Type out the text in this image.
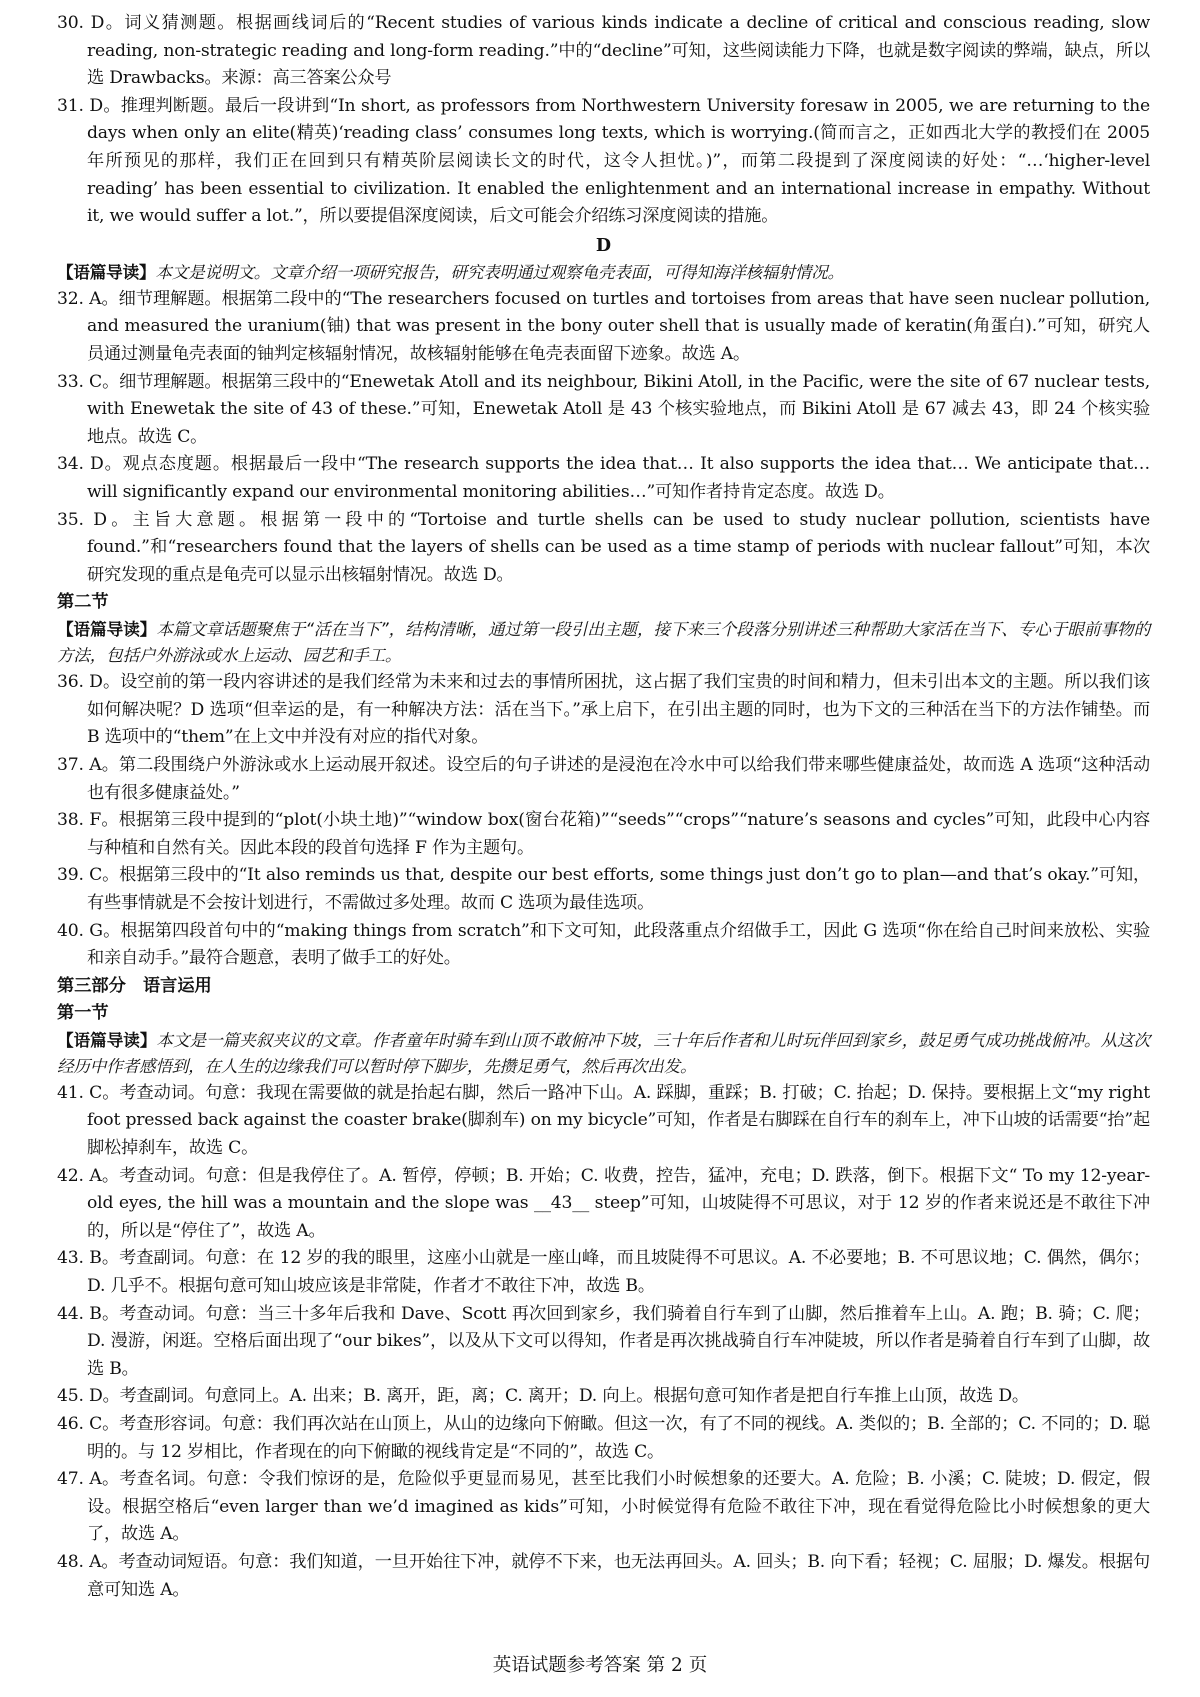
30. D。词义猜测题。根据画线词后的“Recent studies of various kinds indicate a decline of critical and conscious reading, slow reading, non-strategic reading and long-form reading.”中的“decline”可知，这些阅读能力下降，也就是数字阅读的弊端，缺点，所以选 Drawbacks。来源：高三答案公众号

31. D。推理判断题。最后一段讲到“In short, as professors from Northwestern University foresaw in 2005, we are returning to the days when only an elite(精英)‘reading class’ consumes long texts, which is worrying.(简而言之，正如西北大学的教授们在 2005 年所预见的那样，我们正在回到只有精英阶层阅读长文的时代，这令人担忧。)”，而第二段提到了深度阅读的好处：“…‘higher-level reading’ has been essential to civilization. It enabled the enlightenment and an international increase in empathy. Without it, we would suffer a lot.”，所以要提倡深度阅读，后文可能会介绍练习深度阅读的措施。

D

【语篇导读】本文是说明文。文章介绍一项研究报告，研究表明通过观察龟壳表面，可得知海洋核辐射情况。

32. A。细节理解题。根据第二段中的“The researchers focused on turtles and tortoises from areas that have seen nuclear pollution, and measured the uranium(铀) that was present in the bony outer shell that is usually made of keratin(角蛋白).”可知，研究人员通过测量龟壳表面的铀判定核辐射情况，故核辐射能够在龟壳表面留下迹象。故选 A。

33. C。细节理解题。根据第三段中的“Enewetak Atoll and its neighbour, Bikini Atoll, in the Pacific, were the site of 67 nuclear tests, with Enewetak the site of 43 of these.”可知，Enewetak Atoll 是 43 个核实验地点，而 Bikini Atoll 是 67 减去 43，即 24 个核实验地点。故选 C。

34. D。观点态度题。根据最后一段中“The research supports the idea that… It also supports the idea that… We anticipate that… will significantly expand our environmental monitoring abilities…”可知作者持肯定态度。故选 D。

35. D。主旨大意题。根据第一段中的“Tortoise and turtle shells can be used to study nuclear pollution, scientists have found.”和“researchers found that the layers of shells can be used as a time stamp of periods with nuclear fallout”可知，本次研究发现的重点是龟壳可以显示出核辐射情况。故选 D。

第二节

【语篇导读】本篇文章话题聚焦于“活在当下”，结构清晰，通过第一段引出主题，接下来三个段落分别讲述三种帮助大家活在当下、专心于眼前事物的方法，包括户外游泳或水上运动、园艺和手工。

36. D。设空前的第一段内容讲述的是我们经常为未来和过去的事情所困扰，这占据了我们宝贵的时间和精力，但未引出本文的主题。所以我们该如何解决呢？D 选项“但幸运的是，有一种解决方法：活在当下。”承上启下，在引出主题的同时，也为下文的三种活在当下的方法作铺垫。而 B 选项中的“them”在上文中并没有对应的指代对象。

37. A。第二段围绕户外游泳或水上运动展开叙述。设空后的句子讲述的是浸泡在冷水中可以给我们带来哪些健康益处，故而选 A 选项“这种活动也有很多健康益处。”

38. F。根据第三段中提到的“plot(小块土地)”“window box(窗台花箱)”“seeds”“crops”“nature’s seasons and cycles”可知，此段中心内容与种植和自然有关。因此本段的段首句选择 F 作为主题句。

39. C。根据第三段中的“It also reminds us that, despite our best efforts, some things just don’t go to plan—and that’s okay.”可知，有些事情就是不会按计划进行，不需做过多处理。故而 C 选项为最佳选项。

40. G。根据第四段首句中的“making things from scratch”和下文可知，此段落重点介绍做手工，因此 G 选项“你在给自己时间来放松、实验和亲自动手。”最符合题意，表明了做手工的好处。

第三部分　语言运用
第一节

【语篇导读】本文是一篇夹叙夹议的文章。作者童年时骑车到山顶不敢俯冲下坡，三十年后作者和儿时玩伴回到家乡，鼓足勇气成功挑战俯冲。从这次经历中作者感悟到，在人生的边缘我们可以暂时停下脚步，先攒足勇气，然后再次出发。

41. C。考查动词。句意：我现在需要做的就是抬起右脚，然后一路冲下山。A. 踩脚，重踩；B. 打破；C. 抬起；D. 保持。要根据上文“my right foot pressed back against the coaster brake(脚刹车) on my bicycle”可知，作者是右脚踩在自行车的刹车上，冲下山坡的话需要“抬”起脚松掉刹车，故选 C。

42. A。考查动词。句意：但是我停住了。A. 暂停，停顿；B. 开始；C. 收费，控告，猛冲，充电；D. 跌落，倒下。根据下文“ To my 12-year-old eyes, the hill was a mountain and the slope was __43__ steep”可知，山坡陡得不可思议，对于 12 岁的作者来说还是不敢往下冲的，所以是“停住了”，故选 A。

43. B。考查副词。句意：在 12 岁的我的眼里，这座小山就是一座山峰，而且坡陡得不可思议。A. 不必要地；B. 不可思议地；C. 偶然，偶尔；D. 几乎不。根据句意可知山坡应该是非常陡，作者才不敢往下冲，故选 B。

44. B。考查动词。句意：当三十多年后我和 Dave、Scott 再次回到家乡，我们骑着自行车到了山脚，然后推着车上山。A. 跑；B. 骑；C. 爬；D. 漫游，闲逛。空格后面出现了“our bikes”，以及从下文可以得知，作者是再次挑战骑自行车冲陡坡，所以作者是骑着自行车到了山脚，故选 B。

45. D。考查副词。句意同上。A. 出来；B. 离开，距，离；C. 离开；D. 向上。根据句意可知作者是把自行车推上山顶，故选 D。

46. C。考查形容词。句意：我们再次站在山顶上，从山的边缘向下俯瞰。但这一次，有了不同的视线。A. 类似的；B. 全部的；C. 不同的；D. 聪明的。与 12 岁相比，作者现在的向下俯瞰的视线肯定是“不同的”，故选 C。

47. A。考查名词。句意：令我们惊讶的是，危险似乎更显而易见，甚至比我们小时候想象的还要大。A. 危险；B. 小溪；C. 陡坡；D. 假定，假设。根据空格后“even larger than we’d imagined as kids”可知，小时候觉得有危险不敢往下冲，现在看觉得危险比小时候想象的更大了，故选 A。

48. A。考查动词短语。句意：我们知道，一旦开始往下冲，就停不下来，也无法再回头。A. 回头；B. 向下看；轻视；C. 屈服；D. 爆发。根据句意可知选 A。

英语试题参考答案 第 2 页
